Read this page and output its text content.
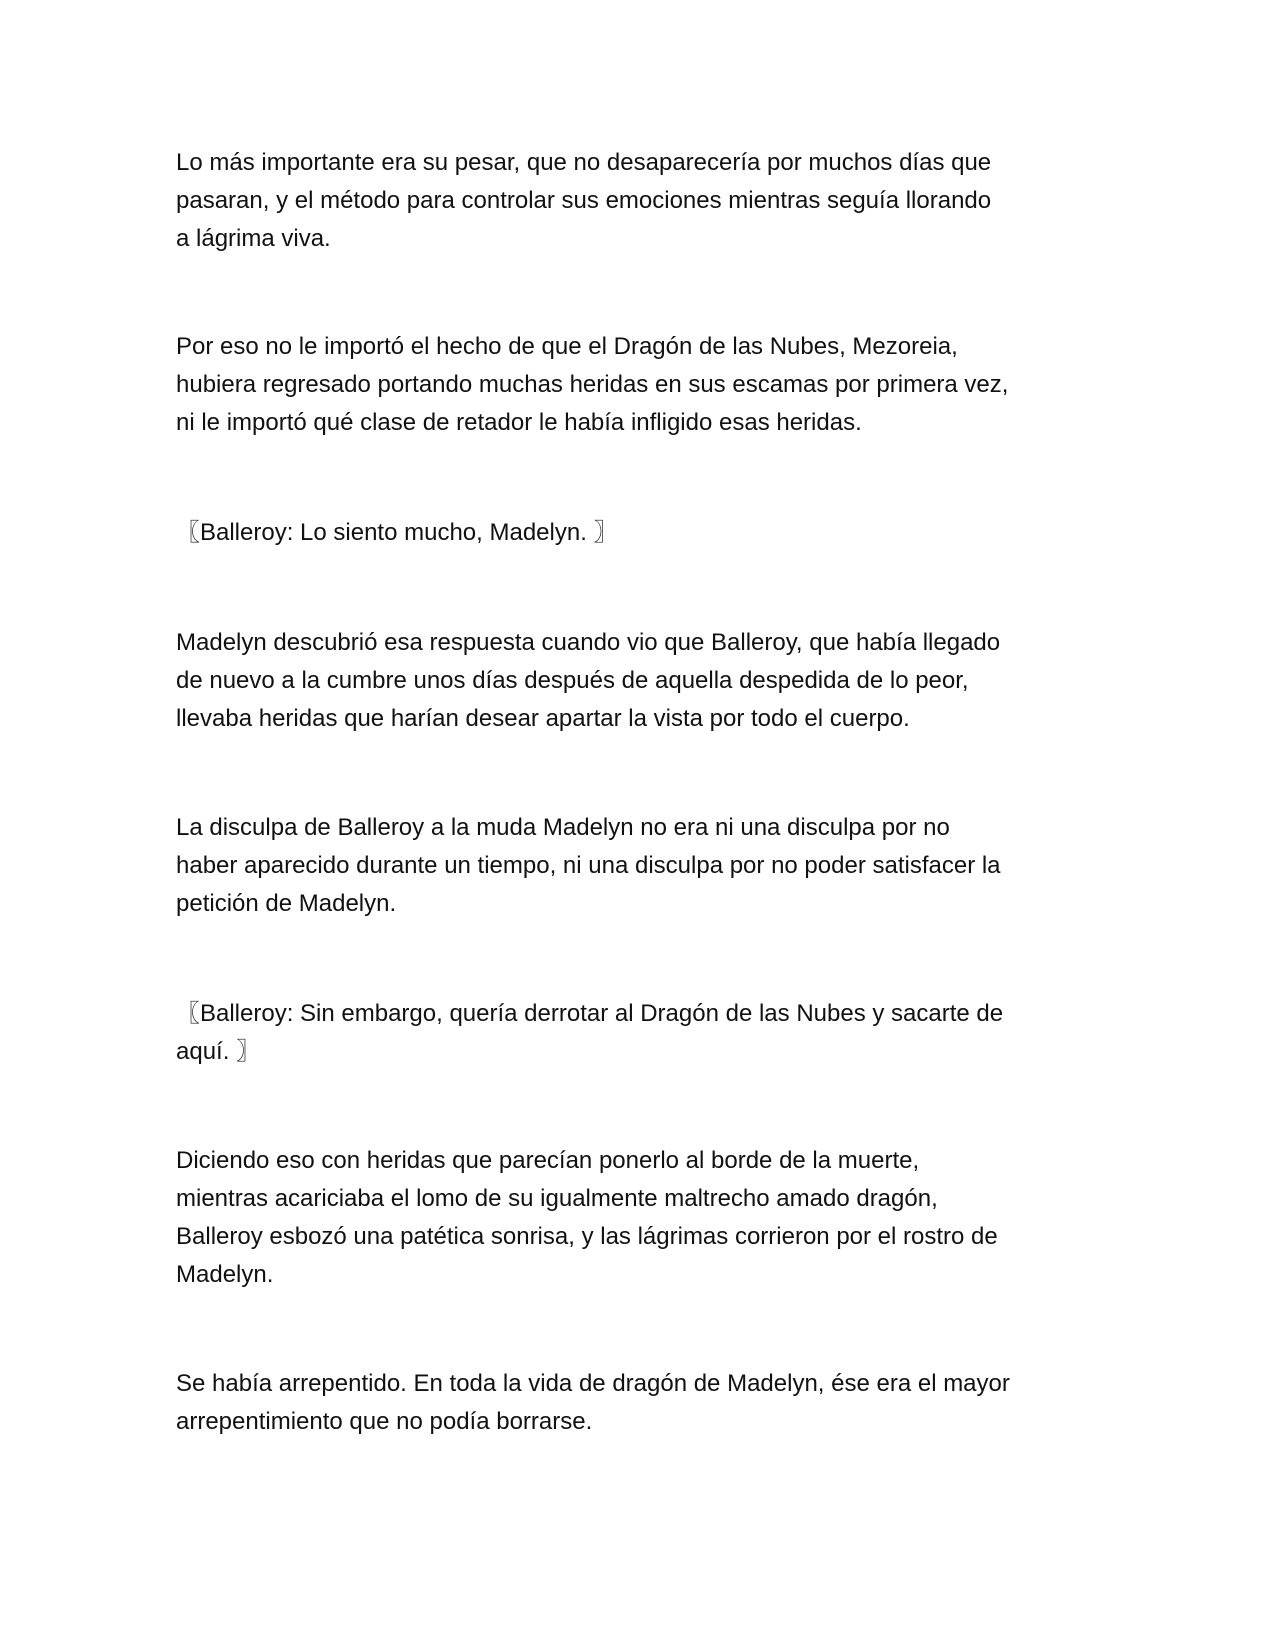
Lo más importante era su pesar, que no desaparecería por muchos días que
pasaran, y el método para controlar sus emociones mientras seguía llorando
a lágrima viva.

Por eso no le importó el hecho de que el Dragón de las Nubes, Mezoreia,
hubiera regresado portando muchas heridas en sus escamas por primera vez,
ni le importó qué clase de retador le había infligido esas heridas.

〖Balleroy: Lo siento mucho, Madelyn. 〗

Madelyn descubrió esa respuesta cuando vio que Balleroy, que había llegado
de nuevo a la cumbre unos días después de aquella despedida de lo peor,
llevaba heridas que harían desear apartar la vista por todo el cuerpo.

La disculpa de Balleroy a la muda Madelyn no era ni una disculpa por no
haber aparecido durante un tiempo, ni una disculpa por no poder satisfacer la
petición de Madelyn.

〖Balleroy: Sin embargo, quería derrotar al Dragón de las Nubes y sacarte de
aquí. 〗

Diciendo eso con heridas que parecían ponerlo al borde de la muerte,
mientras acariciaba el lomo de su igualmente maltrecho amado dragón,
Balleroy esbozó una patética sonrisa, y las lágrimas corrieron por el rostro de
Madelyn.

Se había arrepentido. En toda la vida de dragón de Madelyn, ése era el mayor
arrepentimiento que no podía borrarse.
